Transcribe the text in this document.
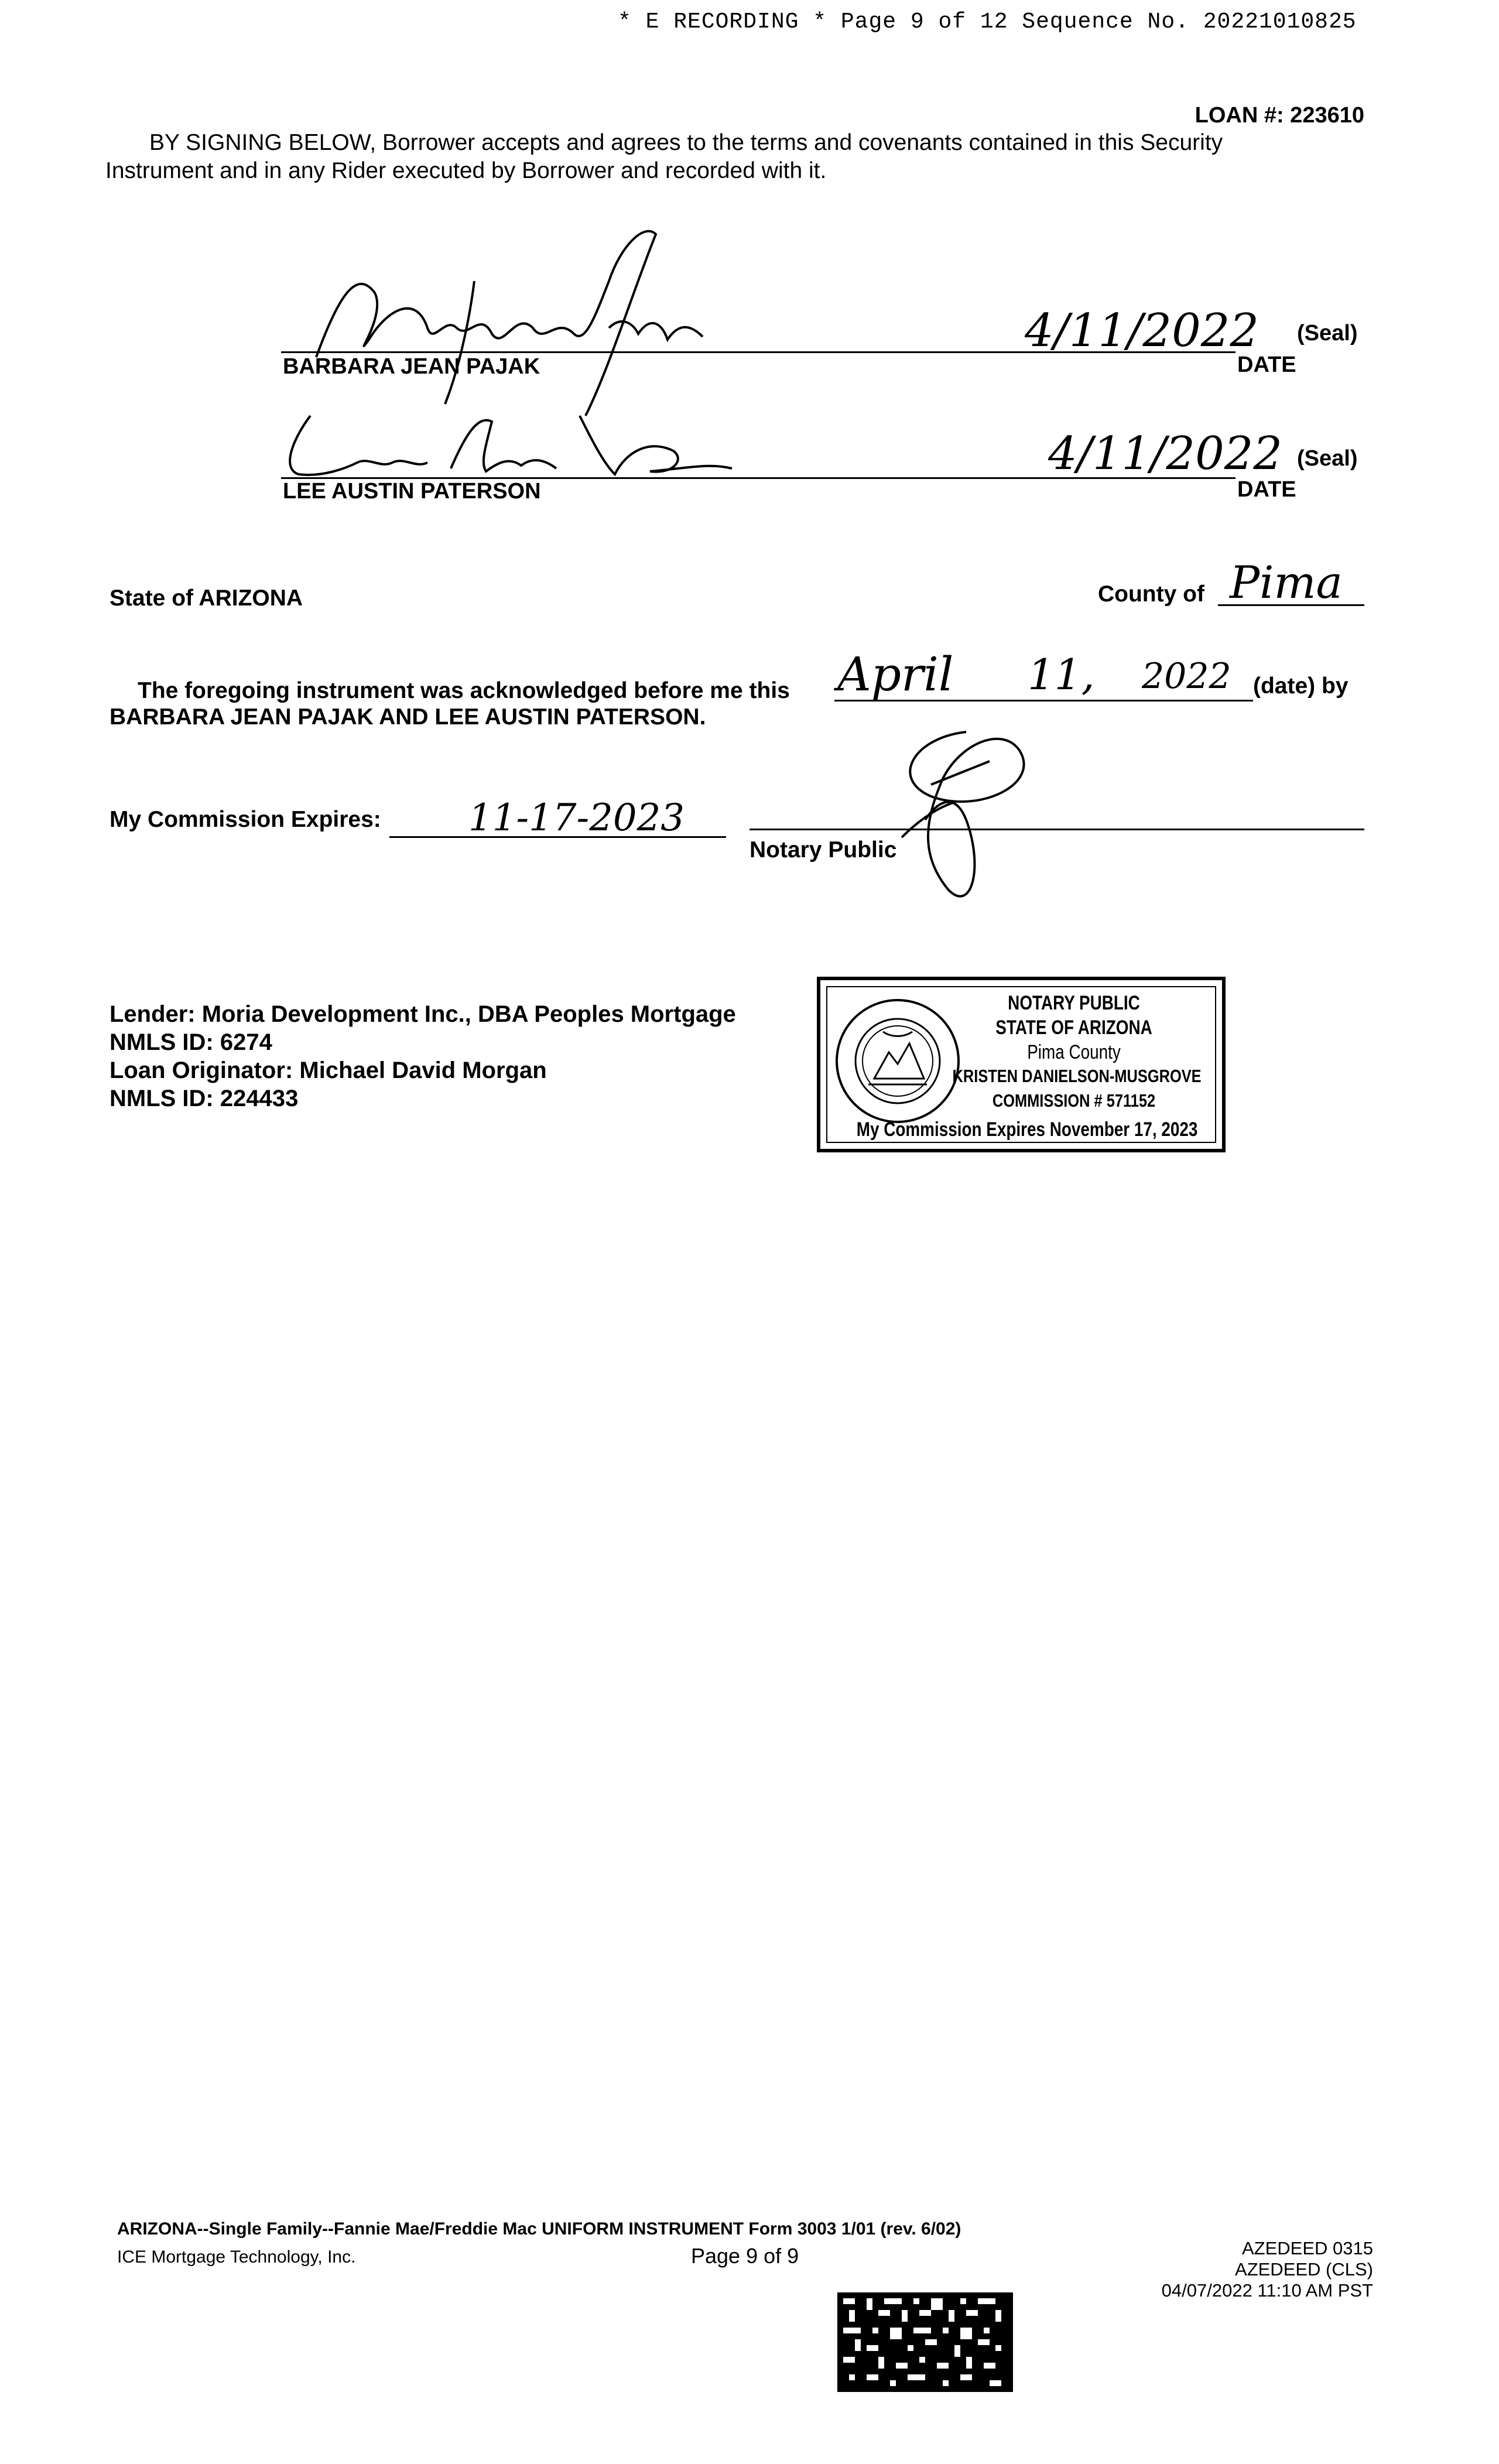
* E RECORDING * Page 9 of 12 Sequence No. 20221010825
LOAN #: 223610
BY SIGNING BELOW, Borrower accepts and agrees to the terms and covenants contained in this Security
Instrument and in any Rider executed by Borrower and recorded with it.
BARBARA JEAN PAJAK
4/11/2022 (Seal)
DATE
LEE AUSTIN PATERSON
4/11/2022 (Seal)
DATE
State of ARIZONA	County of Pima
The foregoing instrument was acknowledged before me this April 11, 2022 (date) by
BARBARA JEAN PAJAK AND LEE AUSTIN PATERSON.
My Commission Expires: 11-17-2023
Notary Public
Lender: Moria Development Inc., DBA Peoples Mortgage
NMLS ID: 6274
Loan Originator: Michael David Morgan
NMLS ID: 224433
NOTARY PUBLIC
STATE OF ARIZONA
Pima County
KRISTEN DANIELSON-MUSGROVE
COMMISSION # 571152
My Commission Expires November 17, 2023
ARIZONA--Single Family--Fannie Mae/Freddie Mac UNIFORM INSTRUMENT Form 3003 1/01 (rev. 6/02)
ICE Mortgage Technology, Inc.	Page 9 of 9	AZEDEED 0315
AZEDEED (CLS)
04/07/2022 11:10 AM PST
